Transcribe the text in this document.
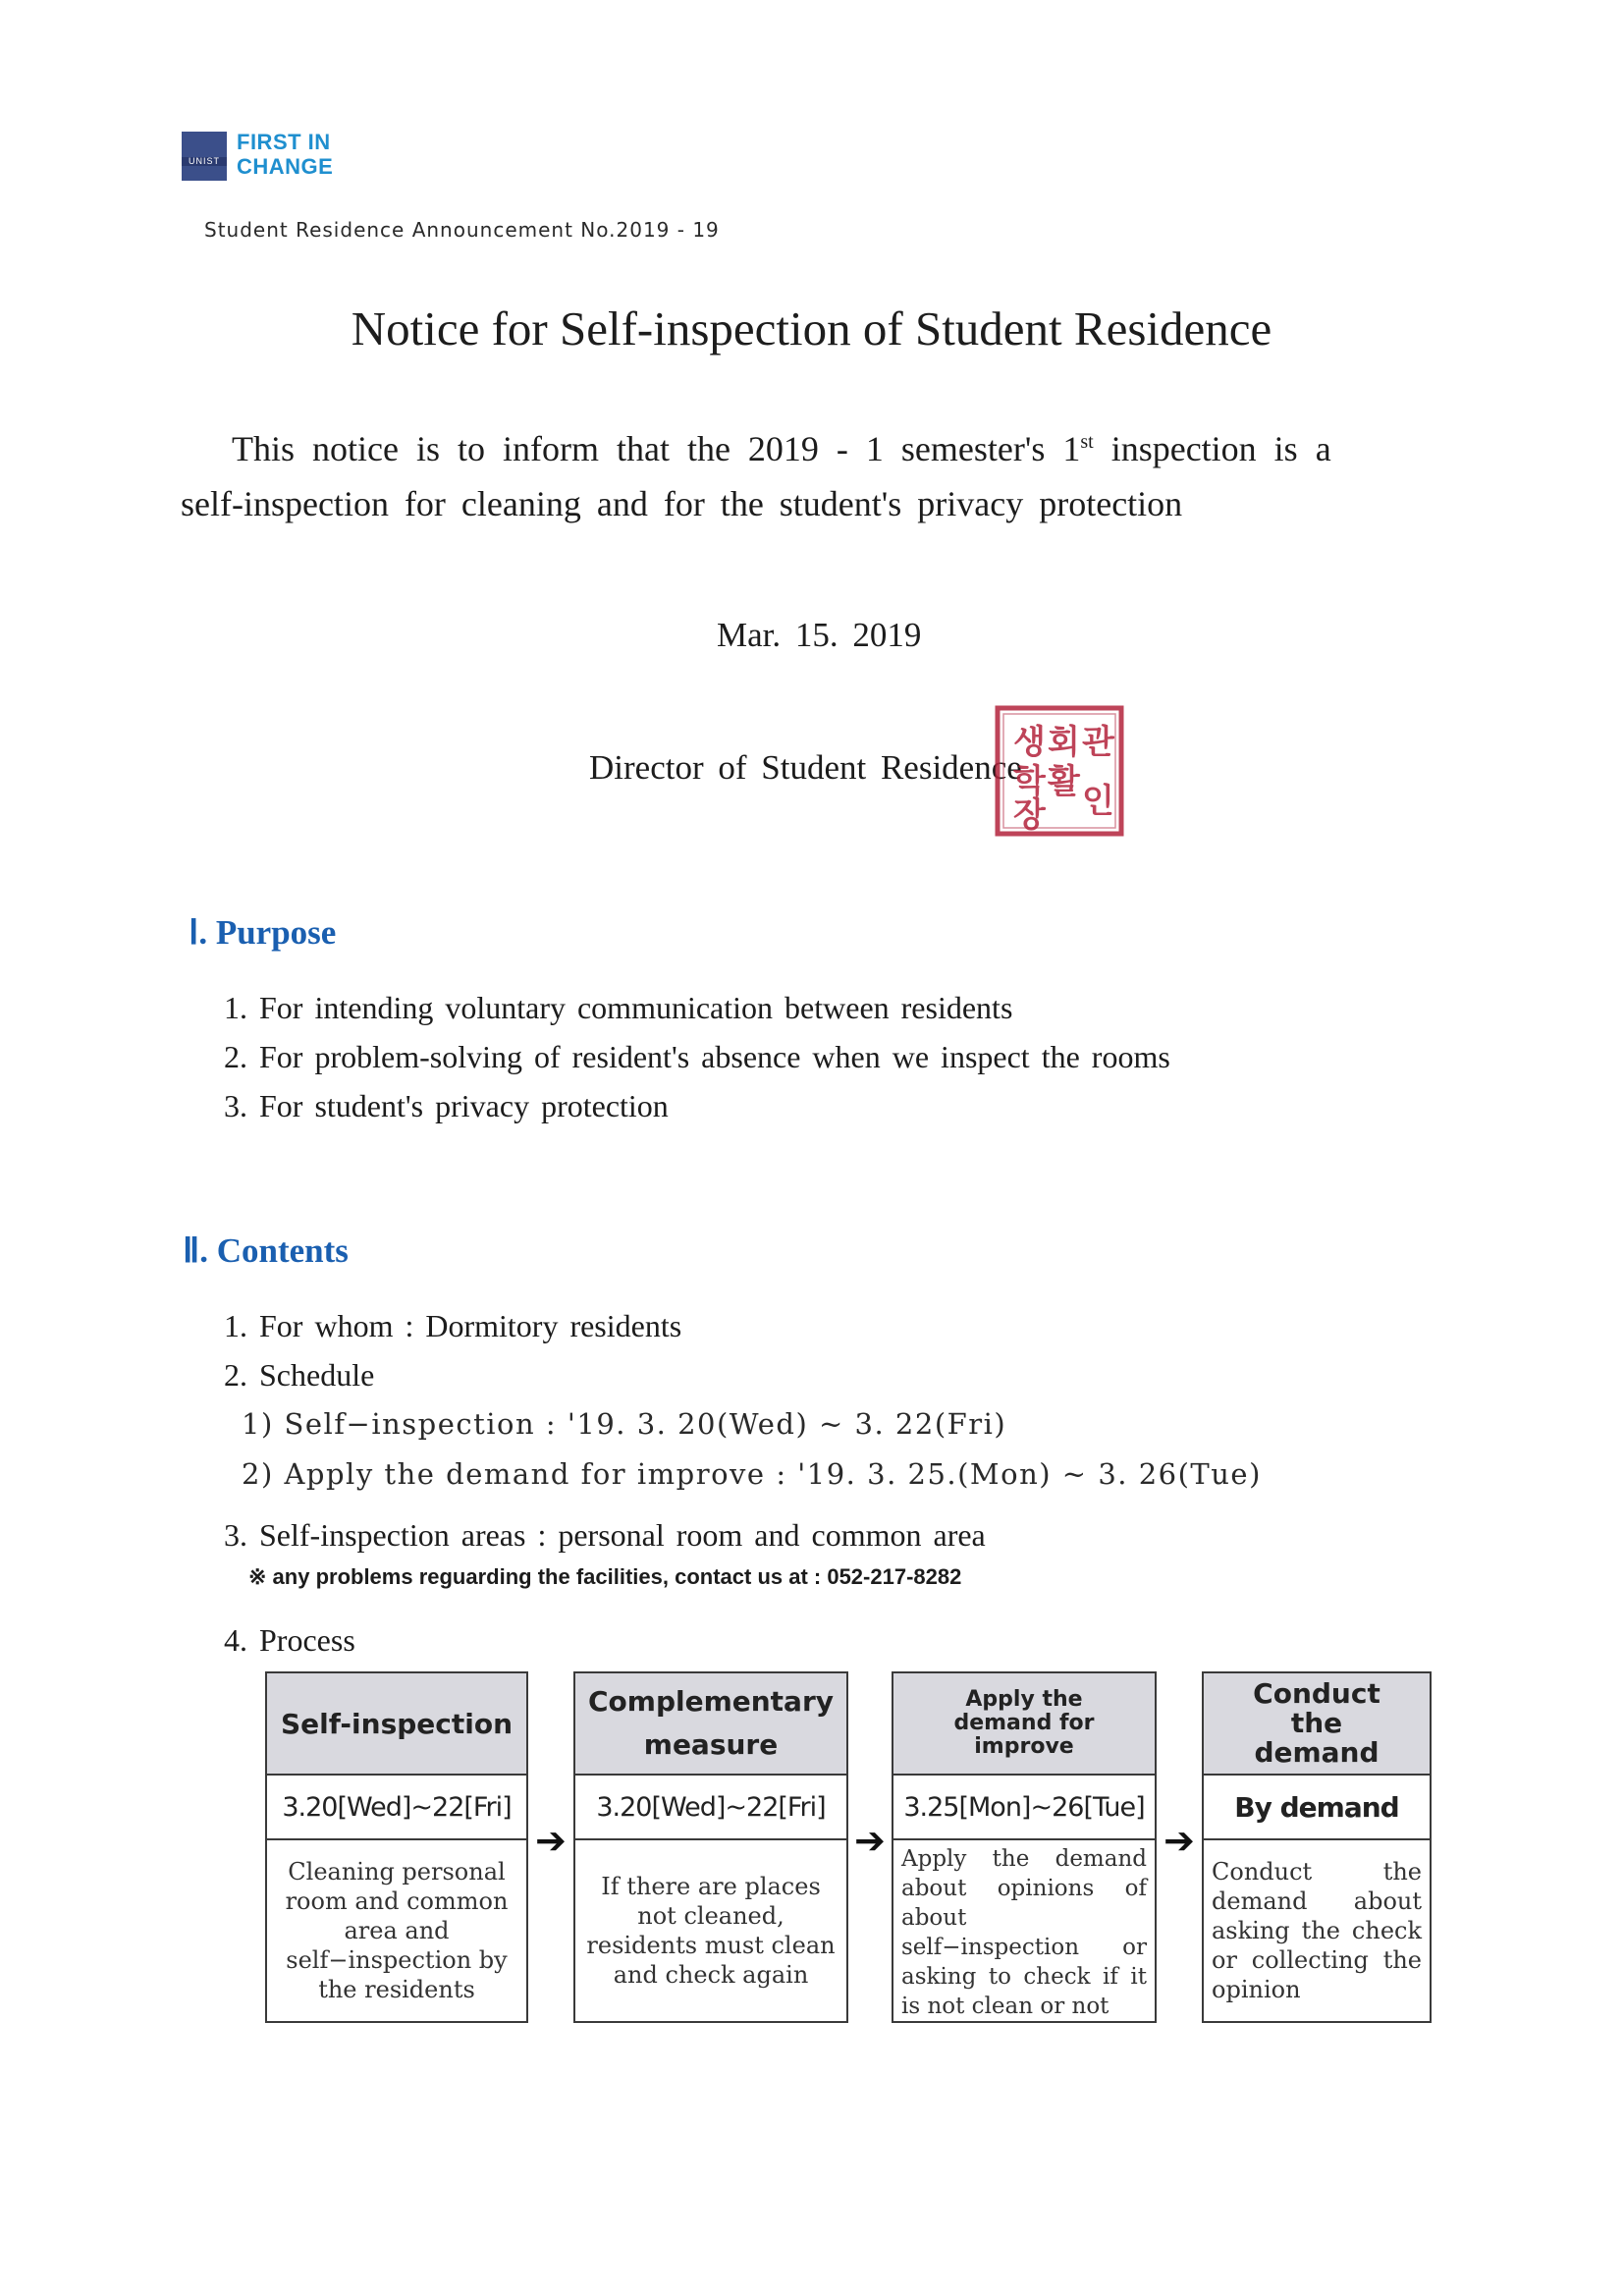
UNIST
FIRST IN
CHANGE
Student Residence Announcement No.2019 - 19
Notice for Self-inspection of Student Residence
This notice is to inform that the 2019 - 1 semester's 1st inspection is a
self-inspection for cleaning and for the student's privacy protection
Mar. 15. 2019
Director of Student Residence
생 회 관
학 활
장 인
Ⅰ. Purpose
1. For intending voluntary communication between residents
2. For problem-solving of resident's absence when we inspect the rooms
3. For student's privacy protection
Ⅱ. Contents
1. For whom : Dormitory residents
2. Schedule
1) Self−inspection : '19. 3. 20(Wed) ~ 3. 22(Fri)
2) Apply the demand for improve : '19. 3. 25.(Mon) ~ 3. 26(Tue)
3. Self-inspection areas : personal room and common area
※ any problems reguarding the facilities, contact us at : 052-217-8282
4. Process
Self-inspection
3.20[Wed]~22[Fri]
Cleaning personal room and common area and self−inspection by the residents
➔
Complementary measure
3.20[Wed]~22[Fri]
If there are places not cleaned, residents must clean and check again
➔
Apply the demand for improve
3.25[Mon]~26[Tue]
Apply the demand about opinions of about self−inspection or asking to check if it is not clean or not
➔
Conduct the demand
By demand
Conduct the demand about asking the check or collecting the opinion
